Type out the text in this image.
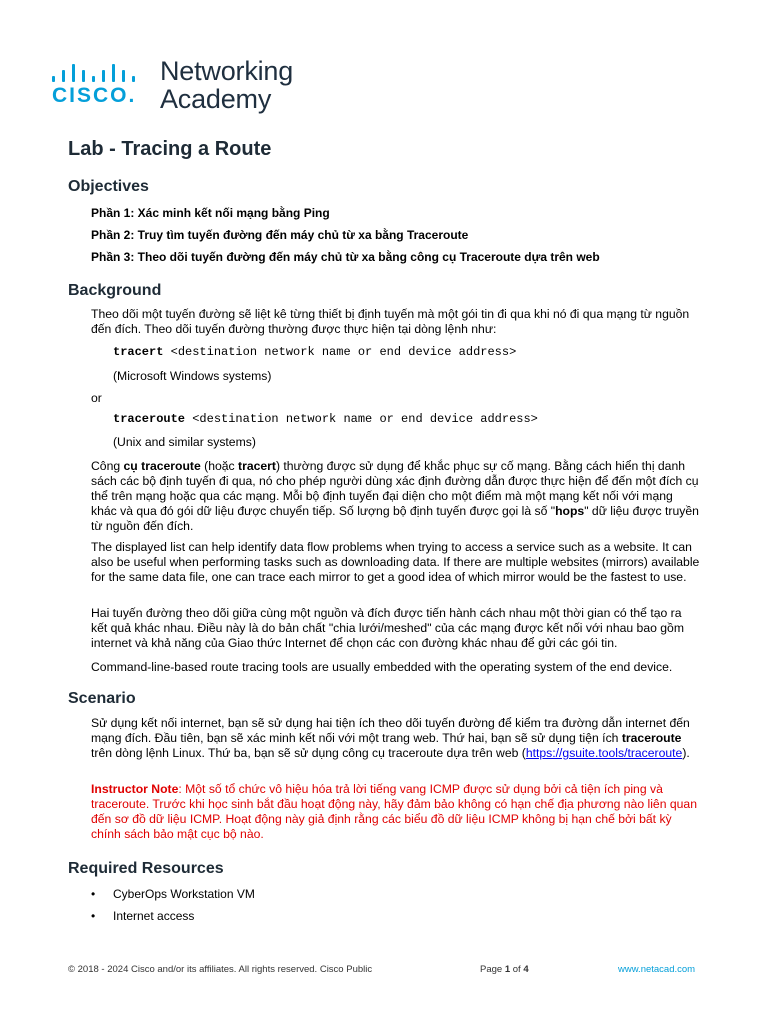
CISCO.
Networking
Academy
Lab - Tracing a Route
Objectives
Phần 1: Xác minh kết nối mạng bằng Ping
Phần 2: Truy tìm tuyến đường đến máy chủ từ xa bằng Traceroute
Phần 3: Theo dõi tuyến đường đến máy chủ từ xa bằng công cụ Traceroute dựa trên web
Background
Theo dõi một tuyến đường sẽ liệt kê từng thiết bị định tuyến mà một gói tin đi qua khi nó đi qua mạng từ nguồn đến đích. Theo dõi tuyến đường thường được thực hiện tại dòng lệnh như:
tracert <destination network name or end device address>
(Microsoft Windows systems)
or
traceroute <destination network name or end device address>
(Unix and similar systems)
Công cụ traceroute (hoặc tracert) thường được sử dụng để khắc phục sự cố mạng. Bằng cách hiển thị danh sách các bộ định tuyến đi qua, nó cho phép người dùng xác định đường dẫn được thực hiện để đến một đích cụ thể trên mạng hoặc qua các mạng. Mỗi bộ định tuyến đại diện cho một điểm mà một mạng kết nối với mạng khác và qua đó gói dữ liệu được chuyển tiếp. Số lượng bộ định tuyến được gọi là số "hops" dữ liệu được truyền từ nguồn đến đích.
The displayed list can help identify data flow problems when trying to access a service such as a website. It can also be useful when performing tasks such as downloading data. If there are multiple websites (mirrors) available for the same data file, one can trace each mirror to get a good idea of which mirror would be the fastest to use.
Hai tuyến đường theo dõi giữa cùng một nguồn và đích được tiến hành cách nhau một thời gian có thể tạo ra kết quả khác nhau. Điều này là do bản chất "chia lưới/meshed" của các mạng được kết nối với nhau bao gồm internet và khả năng của Giao thức Internet để chọn các con đường khác nhau để gửi các gói tin.
Command-line-based route tracing tools are usually embedded with the operating system of the end device.
Scenario
Sử dụng kết nối internet, bạn sẽ sử dụng hai tiện ích theo dõi tuyến đường để kiểm tra đường dẫn internet đến mạng đích. Đầu tiên, bạn sẽ xác minh kết nối với một trang web. Thứ hai, bạn sẽ sử dụng tiện ích traceroute trên dòng lệnh Linux. Thứ ba, bạn sẽ sử dụng công cụ traceroute dựa trên web (https://gsuite.tools/traceroute).
Instructor Note: Một số tổ chức vô hiệu hóa trả lời tiếng vang ICMP được sử dụng bởi cả tiện ích ping và traceroute. Trước khi học sinh bắt đầu hoạt động này, hãy đảm bảo không có hạn chế địa phương nào liên quan đến sơ đồ dữ liệu ICMP. Hoạt động này giả định rằng các biểu đồ dữ liệu ICMP không bị hạn chế bởi bất kỳ chính sách bảo mật cục bộ nào.
Required Resources
• CyberOps Workstation VM
• Internet access
© 2018 - 2024 Cisco and/or its affiliates. All rights reserved. Cisco Public	Page 1 of 4	www.netacad.com
